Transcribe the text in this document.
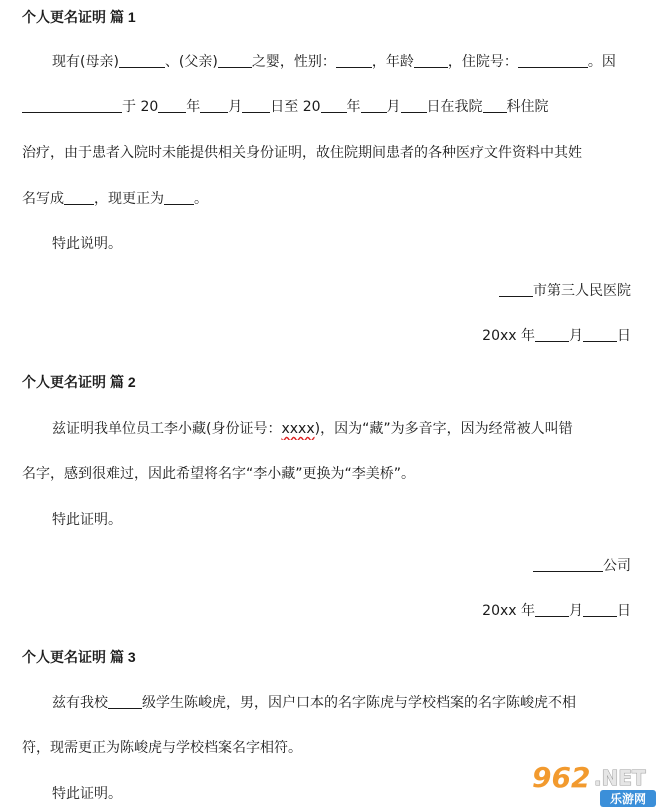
个人更名证明 篇 1
现有(母亲)	、(父亲) 之婴，性别：	，年龄 ，住院号：	。因
于 20 年 月 日至 20 年 月 日在我院 科住院
治疗，由于患者入院时未能提供相关身份证明，故住院期间患者的各种医疗文件资料中其姓
名写成 ，现更正为 。
特此说明。
市第三人民医院
20xx 年 月 日
个人更名证明 篇 2
兹证明我单位员工李小藏(身份证号：xxxx)，因为“藏”为多音字，因为经常被人叫错
名字，感到很难过，因此希望将名字“李小藏”更换为“李美桥”。
特此证明。
公司
20xx 年 月 日
个人更名证明 篇 3
兹有我校 级学生陈峻虎，男，因户口本的名字陈虎与学校档案的名字陈峻虎不相
符，现需更正为陈峻虎与学校档案名字相符。
特此证明。	962 .NET
乐游网
